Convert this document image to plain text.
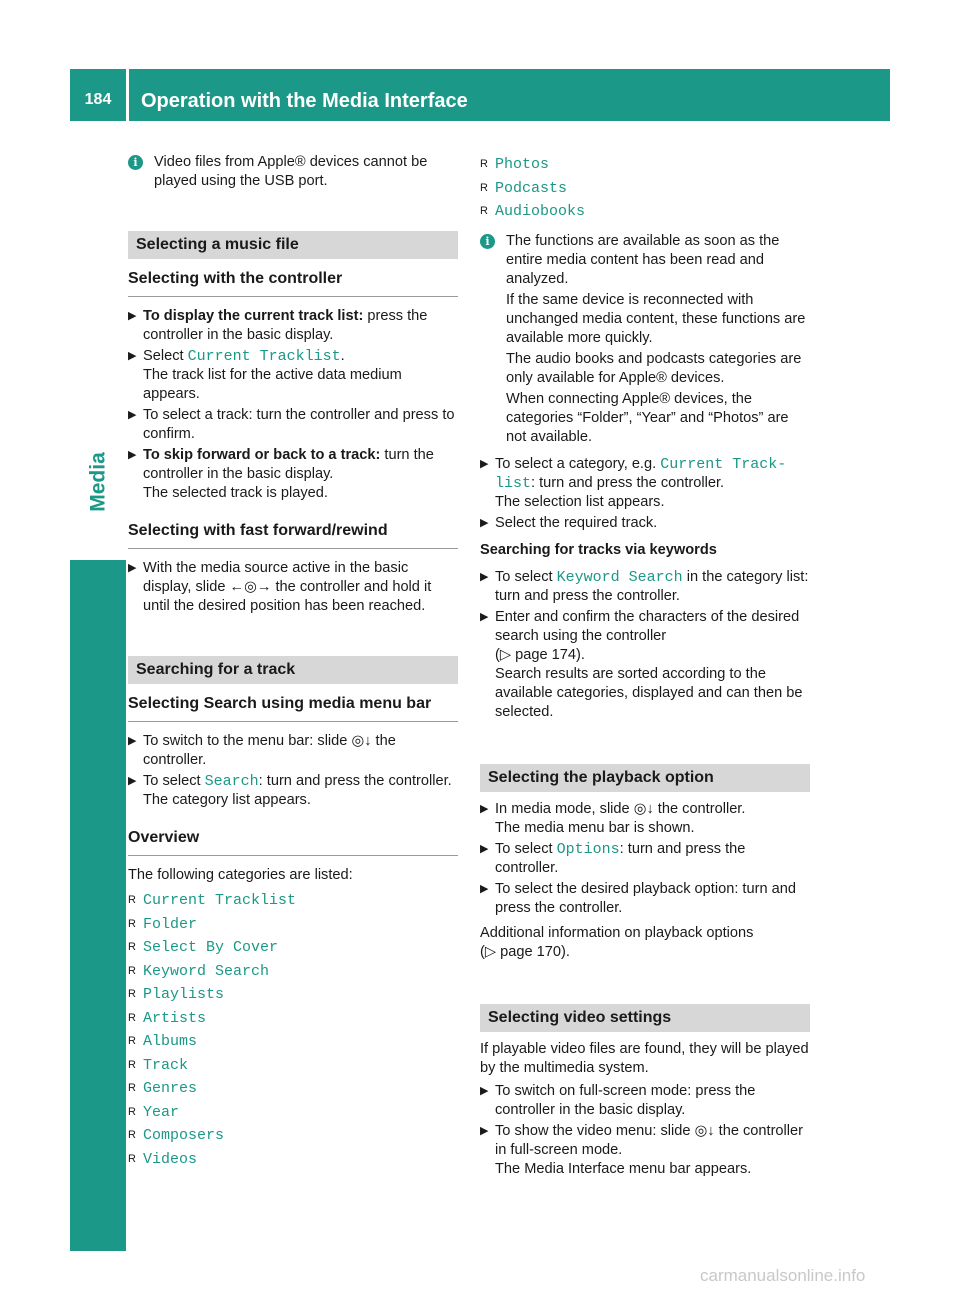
184	Operation with the Media Interface
Media
i	Video files from Apple® devices cannot be played using the USB port.

Selecting a music file
Selecting with the controller
▶ To display the current track list: press the controller in the basic display.
▶ Select Current Tracklist.

The track list for the active data medium appears.

▶ To select a track: turn the controller and press to confirm.
▶ To skip forward or back to a track: turn the controller in the basic display.

The selected track is played.

Selecting with fast forward/rewind
▶ With the media source active in the basic display, slide ←◎→ the controller and hold it until the desired position has been reached.
Searching for a track
Selecting Search using media menu bar
▶ To switch to the menu bar: slide ◎↓ the controller.
▶ To select Search: turn and press the controller.

The category list appears.

Overview

The following categories are listed:

R Current Tracklist
R Folder
R Select By Cover
R Keyword Search
R Playlists
R Artists
R Albums
R Track
R Genres
R Year
R Composers
R Videos
R Photos
R Podcasts
R Audiobooks
i	The functions are available as soon as the entire media content has been read and analyzed.

If the same device is reconnected with unchanged media content, these functions are available more quickly.

The audio books and podcasts categories are only available for Apple® devices.

When connecting Apple® devices, the categories “Folder”, “Year” and “Photos” are not available.

▶ To select a category, e.g. Current Track‐list: turn and press the controller.

The selection list appears.

▶ Select the required track.

Searching for tracks via keywords

▶ To select Keyword Search in the category list: turn and press the controller.
▶ Enter and confirm the characters of the desired search using the controller

(▷ page 174).

Search results are sorted according to the available categories, displayed and can then be selected.

Selecting the playback option
▶ In media mode, slide ◎↓ the controller.

The media menu bar is shown.

▶ To select Options: turn and press the controller.
▶ To select the desired playback option: turn and press the controller.

Additional information on playback options

(▷ page 170).

Selecting video settings

If playable video files are found, they will be played by the multimedia system.

▶ To switch on full-screen mode: press the controller in the basic display.
▶ To show the video menu: slide ◎↓ the controller in full-screen mode.

The Media Interface menu bar appears.

carmanualsonline.info
